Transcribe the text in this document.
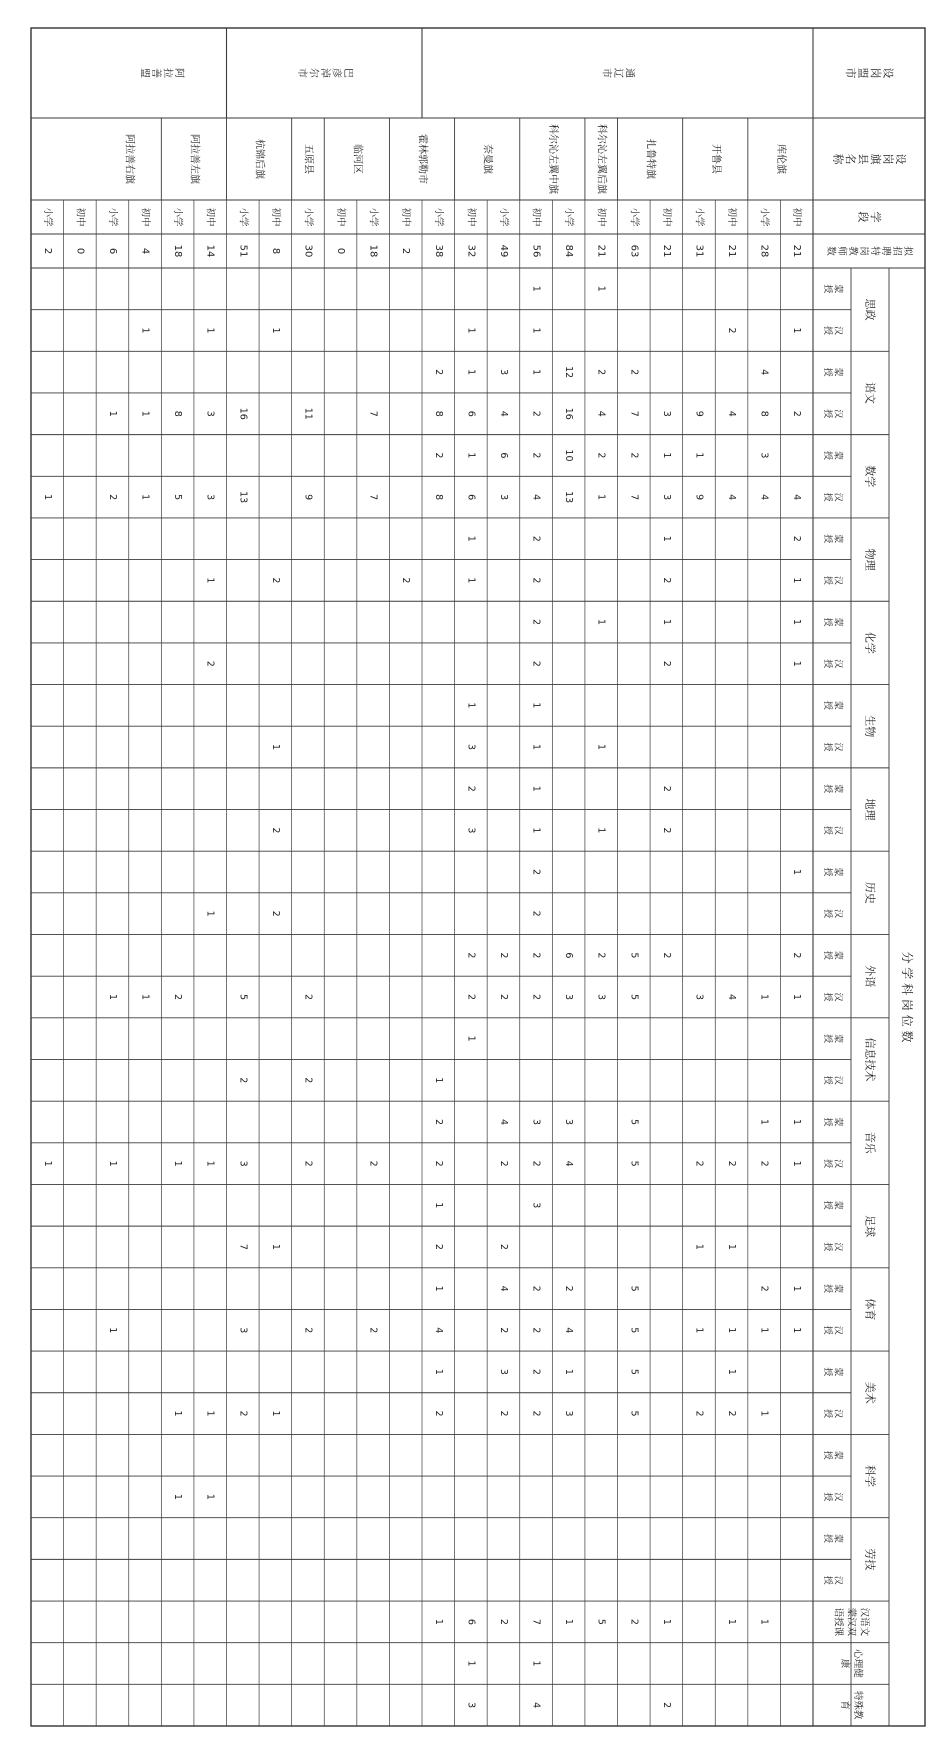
设
岗
盟
市
设
岗
旗
县
名
称
学
段
拟
招
聘
特
岗
教
师
数
分 学 科 岗 位 数
思政
蒙
授
汉
授
语文
蒙
授
汉
授
数学
蒙
授
汉
授
物理
蒙
授
汉
授
化学
蒙
授
汉
授
生物
蒙
授
汉
授
地理
蒙
授
汉
授
历史
蒙
授
汉
授
外语
蒙
授
汉
授
信息技术
蒙
授
汉
授
音乐
蒙
授
汉
授
足球
蒙
授
汉
授
体育
蒙
授
汉
授
美术
蒙
授
汉
授
科学
蒙
授
汉
授
劳技
蒙
授
汉
授
汉语文
蒙汉双
语授课
心理健
康
特殊教
育
通
辽
市
巴
彦
淖
尔
市
阿
拉
善
盟
库伦旗
开鲁县
扎鲁特旗
科尔沁左翼后旗
科尔沁左翼中旗
奈曼旗
霍林郭勒市
临河区
五原县
杭锦后旗
阿拉善左旗
阿拉善右旗
初中
21
1
2
4
2
1
1
1
1
2
1
1
1
1
1
小学
28
4
8
3
4
1
1
2
2
1
1
1
初中
21
2
4
4
4
2
1
1
1
2
1
小学
31
9
1
9
3
2
1
1
2
初中
21
3
1
3
1
2
1
2
2
2
2
1
2
小学
63
2
7
2
7
5
5
5
5
5
5
5
5
2
初中
21
1
2
4
2
1
1
1
1
2
3
5
小学
84
12
16
10
13
6
3
3
4
2
4
1
3
1
初中
56
1
1
1
2
2
4
2
2
2
2
1
1
1
1
2
2
2
2
3
2
3
2
2
2
2
7
1
4
小学
49
3
4
6
3
2
2
4
2
2
4
2
3
2
2
初中
32
1
1
6
1
6
1
1
1
3
2
3
2
2
1
6
1
3
小学
38
2
8
2
8
1
2
2
1
2
1
4
1
2
1
初中
2
2
小学
18
7
7
2
2
初中
0
小学
30
11
9
2
2
2
2
初中
8
1
2
1
2
2
1
1
小学
51
16
13
5
2
3
7
3
2
初中
14
1
3
3
1
2
1
1
1
1
小学
18
8
5
2
1
1
1
初中
4
1
1
1
1
小学
6
1
2
1
1
1
初中
0
小学
2
1
1
